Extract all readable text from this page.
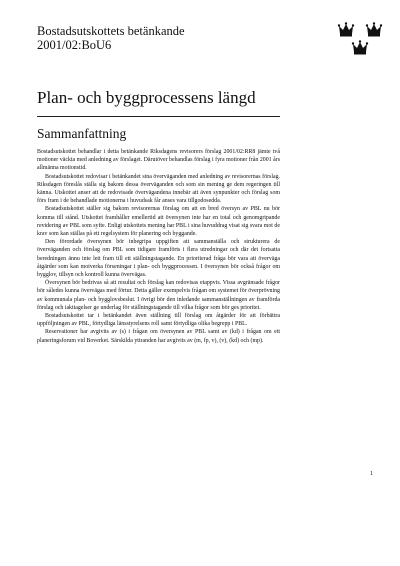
Bostadsutskottets betänkande
2001/02:BoU6
Plan- och byggprocessens längd
Sammanfattning

Bostadsutskottet behandlar i detta betänkande Riksdagens revisorers förslag 2001/02:RR8 jämte två motioner väckta med anledning av förslaget. Därutöver behandlas förslag i fyra motioner från 2001 års allmänna motionstid.

Bostadsutskottet redovisar i betänkandet sina överväganden med anledning av revisorernas förslag. Riksdagen föreslås ställa sig bakom dessa överväganden och som sin mening ge dem regeringen till känna. Utskottet anser att de redovisade övervägandena innebär att även synpunkter och förslag som förs fram i de behandlade motionerna i huvudsak får anses vara tillgodosedda.

Bostadsutskottet ställer sig bakom revisorernas förslag om att en bred översyn av PBL nu bör komma till stånd. Utskottet framhåller emellertid att översynen inte har en total och genomgripande revidering av PBL som syfte. Enligt utskottets mening har PBL i sina huvuddrag visat sig svara mot de krav som kan ställas på ett regelsystem för planering och byggande.

Den förordade översynen bör inbegripa uppgiften att sammanställa och strukturera de överväganden och förslag om PBL som tidigare framförts i flera utredningar och där det fortsatta beredningen ännu inte lett fram till ett ställningstagande. En prioriterad fråga bör vara att överväga åtgärder som kan motverka förseningar i plan- och byggprocessen. I översynen bör också frågor om bygglov, tillsyn och kontroll kunna övervägas.

Översynen bör bedrivas så att resultat och förslag kan redovisas etappvis. Vissa avgränsade frågor bör således kunna övervägas med förtur. Detta gäller exempelvis frågan om systemet för överprövning av kommunala plan- och bygglovsbeslut. I övrigt bör den inledande sammanställningen av framförda förslag och iakttagelser ge underlag för ställningstagande till vilka frågor som bör ges prioritet.

Bostadsutskottet tar i betänkandet även ställning till förslag om åtgärder för att förbättra uppföljningen av PBL, förtydliga länsstyrelsens roll samt förtydliga olika begrepp i PBL.

Reservationer har avgivits av (s) i frågan om översynen av PBL samt av (kd) i frågan om ett planeringsforum vid Boverket. Särskilda yttranden har avgivits av (m, fp, v), (v), (kd) och (mp).

1
